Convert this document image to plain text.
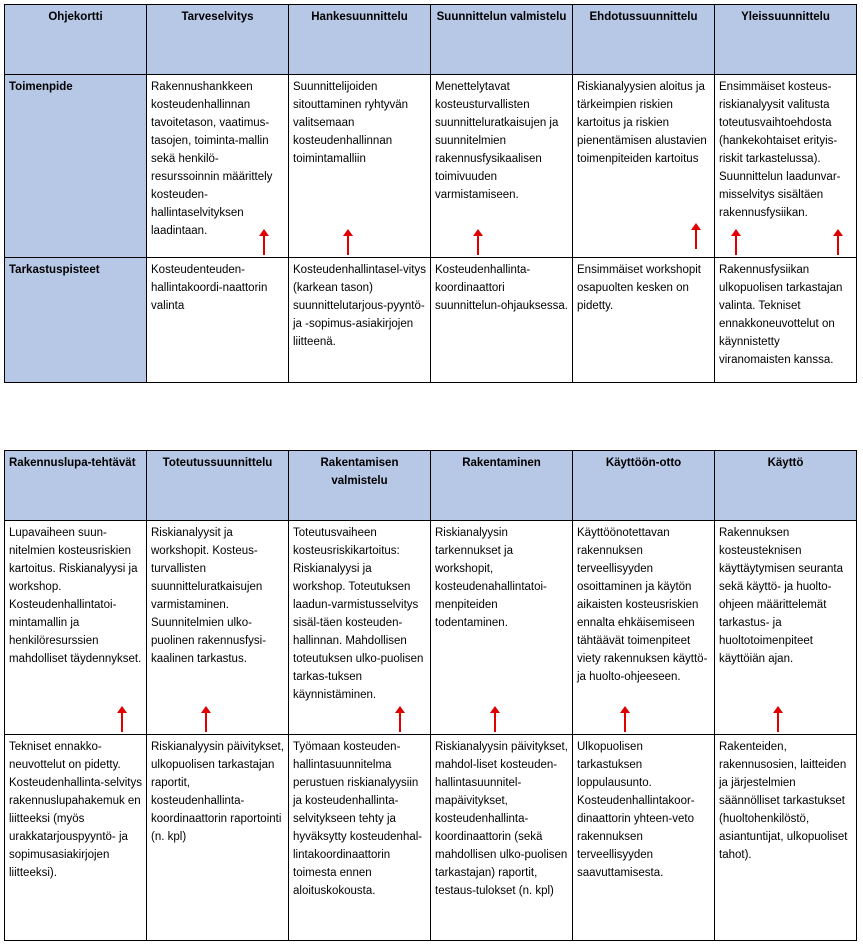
Ohjekortti	Tarveselvitys	Hankesuunnittelu	Suunnittelun valmistelu	Ehdotussuunnittelu	Yleissuunnittelu
Toimenpide	Rakennushankkeen kosteudenhallinnan tavoitetason, vaatimus-tasojen, toiminta-mallin sekä henkilö-resurssoinnin määrittely kosteuden-hallintaselvityksen laadintaan.	Suunnittelijoiden sitouttaminen ryhtyvän valitsemaan kosteudenhallinnan toimintamalliin	Menettelytavat kosteusturvallisten suunnitteluratkaisujen ja suunnitelmien rakennusfysikaalisen toimivuuden varmistamiseen.	Riskianalyysien aloitus ja tärkeimpien riskien kartoitus ja riskien pienentämisen alustavien toimenpiteiden kartoitus	Ensimmäiset kosteus-riskianalyysit valitusta toteutusvaihtoehdosta (hankekohtaiset erityis-riskit tarkastelussa). Suunnittelun laadunvar-misselvitys sisältäen rakennusfysiikan.

Tarkastuspisteet	Kosteudenteuden-hallintakoordi-naattorin valinta	Kosteudenhallintasel-vitys (karkean tason) suunnittelutarjous-pyyntö- ja -sopimus-asiakirjojen liitteenä.	Kosteudenhallinta-koordinaattori suunnittelun-ohjauksessa.	Ensimmäiset workshopit osapuolten kesken on pidetty.	Rakennusfysiikan ulkopuolisen tarkastajan valinta. Tekniset ennakkoneuvottelut on käynnistetty viranomaisten kanssa.
Rakennuslupa-tehtävät	Toteutussuunnittelu	Rakentamisen valmistelu	Rakentaminen	Käyttöön-otto	Käyttö
Lupavaiheen suun-nitelmien kosteusriskien kartoitus. Riskianalyysi ja workshop. Kosteudenhallintatoi-mintamallin ja henkilöresurssien mahdolliset täydennykset.	Riskianalyysit ja workshopit. Kosteus-turvallisten suunnitteluratkaisujen varmistaminen. Suunnitelmien ulko-puolinen rakennusfysi-kaalinen tarkastus.	Toteutusvaiheen kosteusriskikartoitus: Riskianalyysi ja workshop. Toteutuksen laadun-varmistusselvitys sisäl-täen kosteuden-hallinnan. Mahdollisen toteutuksen ulko-puolisen tarkas-tuksen käynnistäminen.	Riskianalyysin tarkennukset ja workshopit, kosteudenahallintatoi-menpiteiden todentaminen.	Käyttöönotettavan rakennuksen terveellisyyden osoittaminen ja käytön aikaisten kosteusriskien ennalta ehkäisemiseen tähtäävät toimenpiteet viety rakennuksen käyttö- ja huolto-ohjeeseen.	Rakennuksen kosteusteknisen käyttäytymisen seuranta sekä käyttö- ja huolto-ohjeen määrittelemät tarkastus- ja huoltotoimenpiteet käyttöiän ajan.

Tekniset ennakko-neuvottelut on pidetty. Kosteudenhallinta-selvitys rakennuslupahakemuk en liitteeksi (myös urakkatarjouspyyntö- ja sopimusasiakirjojen liitteeksi).	Riskianalyysin päivitykset, ulkopuolisen tarkastajan raportit, kosteudenhallinta-koordinaattorin raportointi (n. kpl)	Työmaan kosteuden-hallintasuunnitelma perustuen riskianalyysiin ja kosteudenhallinta-selvitykseen tehty ja hyväksytty kosteudenhal-lintakoordinaattorin toimesta ennen aloituskokousta.	Riskianalyysin päivitykset, mahdol-liset kosteuden-hallintasuunnitel-mapäivitykset, kosteudenhallinta-koordinaattorin (sekä mahdollisen ulko-puolisen tarkastajan) raportit, testaus-tulokset (n. kpl)	Ulkopuolisen tarkastuksen loppulausunto. Kosteudenhallintakoor-dinaattorin yhteen-veto rakennuksen terveellisyyden saavuttamisesta.	Rakenteiden, rakennusosien, laitteiden ja järjestelmien säännölliset tarkastukset (huoltohenkilöstö, asiantuntijat, ulkopuoliset tahot).
